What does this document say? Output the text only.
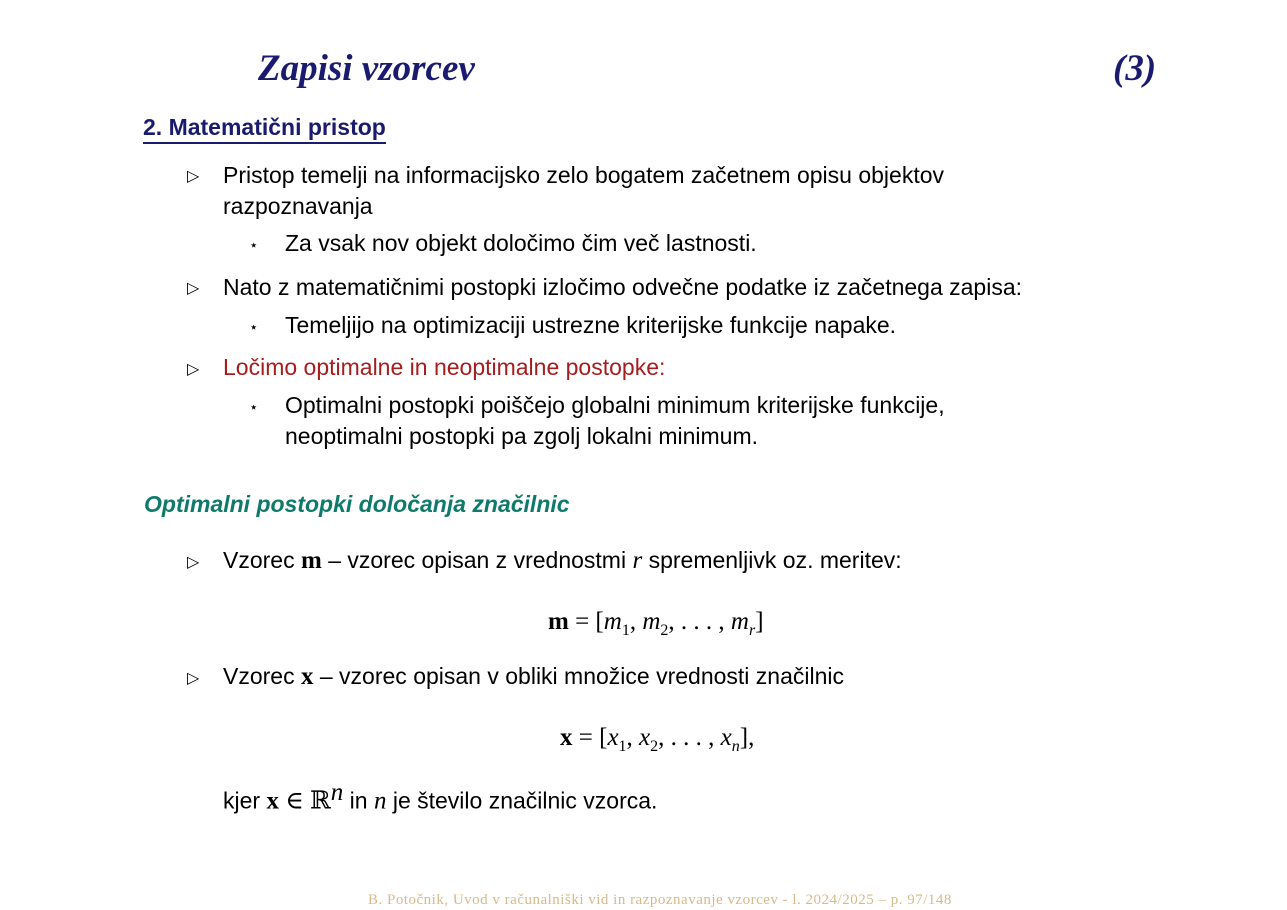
Zapisi vzorcev	(3)
2. Matematični pristop
▷ Pristop temelji na informacijsko zelo bogatem začetnem opisu objektov
razpoznavanja
⋆ Za vsak nov objekt določimo čim več lastnosti.
▷ Nato z matematičnimi postopki izločimo odvečne podatke iz začetnega zapisa:
⋆ Temeljijo na optimizaciji ustrezne kriterijske funkcije napake.
▷ Ločimo optimalne in neoptimalne postopke:
⋆ Optimalni postopki poiščejo globalni minimum kriterijske funkcije,
neoptimalni postopki pa zgolj lokalni minimum.
Optimalni postopki določanja značilnic
▷ Vzorec m – vzorec opisan z vrednostmi r spremenljivk oz. meritev:
$m = [m_1$, $m_2$, . . . , $m_r$]
▷ Vzorec x – vzorec opisan v obliki množice vrednosti značilnic
$x = [x_1$, $x_2$, . . . , $x_n$],
kjer x ∈ ℝ$^n$ in n je število značilnic vzorca.
B. Potočnik, Uvod v računalniški vid in razpoznavanje vzorcev - l. 2024/2025 – p. 97/148
